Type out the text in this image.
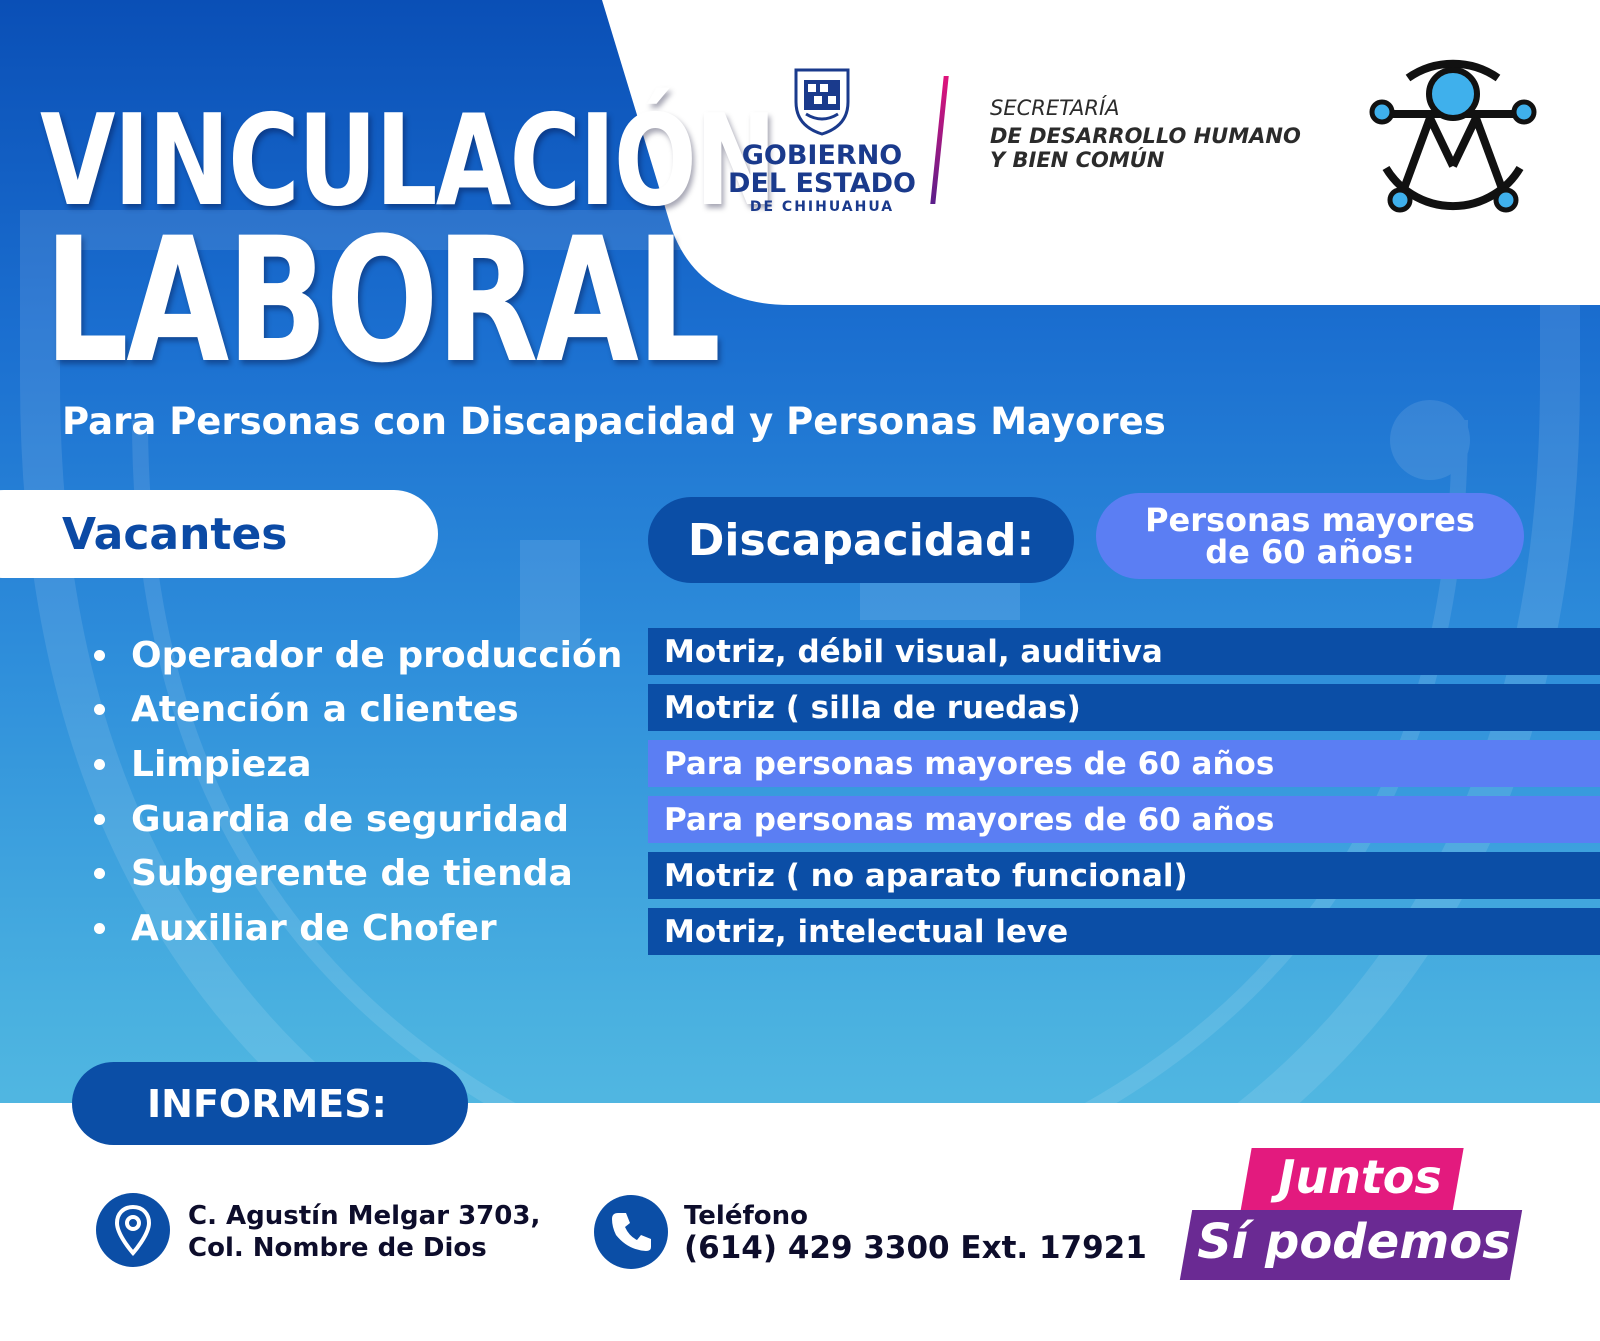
VINCULACIÓN
LABORAL
Para Personas con Discapacidad y Personas Mayores
GOBIERNO
DEL ESTADO
DE CHIHUAHUA
SECRETARÍA
DE DESARROLLO HUMANO
Y BIEN COMÚN
Vacantes	Discapacidad:	Personas mayores
de 60 años:
Operador de producción
Atención a clientes
Limpieza
Guardia de seguridad
Subgerente de tienda
Auxiliar de Chofer
Motriz, débil visual, auditiva
Motriz ( silla de ruedas)
Para personas mayores de 60 años
Para personas mayores de 60 años
Motriz ( no aparato funcional)
Motriz, intelectual leve
INFORMES:
C. Agustín Melgar 3703,
Col. Nombre de Dios
Teléfono
(614) 429 3300 Ext. 17921
Juntos
Sí podemos
